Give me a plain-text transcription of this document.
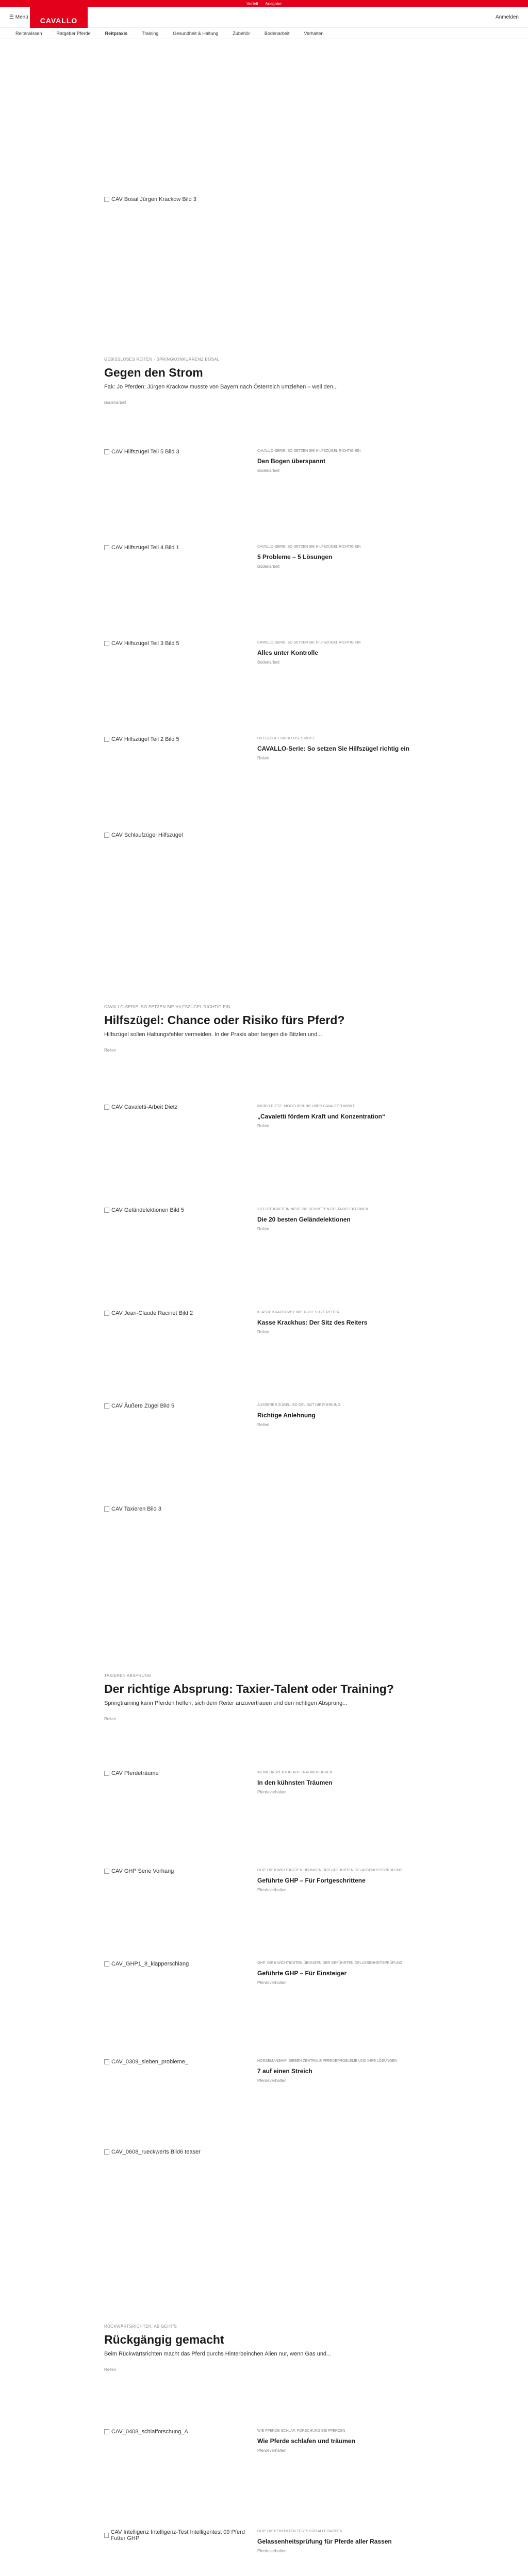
Vorteil Ausgabe
☰ Menü	CAVALLO	Anmelden
Reiterwissen	Ratgeber Pferde	Reitpraxis	Training	Gesundheit & Haltung	Zubehör	Bodenarbeit	Verhalten
CAV Bosal Jürgen Krackow Bild 3
GEBISSLOSES REITEN - SPRINGKONKURRENZ BOSAL
Gegen den Strom
Fak: Jo Pferden: Jürgen Krackow musste von Bayern nach Österreich umziehen – weil den...
Bodenarbeit
CAV Hilfszügel Teil 5 Bild 3	CAVALLO-SERIE: SO SETZEN SIE HILFSZÜGEL RICHTIG EIN
Den Bogen überspannt
Bodenarbeit
CAV Hilfszügel Teil 4 Bild 1	CAVALLO-SERIE: SO SETZEN SIE HILFSZÜGEL RICHTIG EIN
5 Probleme – 5 Lösungen
Bodenarbeit
CAV Hilfszügel Teil 3 Bild 5	CAVALLO-SERIE: SO SETZEN SIE HILFSZÜGEL RICHTIG EIN
Alles unter Kontrolle
Bodenarbeit
CAV Hilfszügel Teil 2 Bild 5	HILFSZÜGEL RIBBELOSES MUST
CAVALLO-Serie: So setzen Sie Hilfszügel richtig ein
Reiten
CAV Schlaufzügel Hilfszügel
CAVALLO-SERIE: SO SETZEN SIE HILFSZÜGEL RICHTIG EIN
Hilfszügel: Chance oder Risiko fürs Pferd?
Hilfszügel sollen Haltungsfehler vermeiden. In der Praxis aber bergen die Bitzlen und...
Reiten
CAV Cavaletti-Arbeit Dietz	INGRID DIETZ: 'MODELIERUNG ÜBER CAVALETTI WIRKT'
„Cavaletti fördern Kraft und Konzentration“
Reiten
CAV Geländelektionen Bild 5	VIELSEITIGKEIT IN NEUE DIE SCHRITTEN GELÄNDELEKTIONEN
Die 20 besten Geländelektionen
Reiten
CAV Jean-Claude Racinet Bild 2	KLASSE KRACKOW'S: WIE GUTE SITZE REITER
Kasse Krackhus: Der Sitz des Reiters
Reiten
CAV Äußere Zügel Bild 5	ÄUSSERER ZÜGEL: SO GELINGT DIE FÜHRUNG
Richtige Anlehnung
Reiten
CAV Taxieren Bild 3
TAXIEREN ABSPRUNG
Der richtige Absprung: Taxier-Talent oder Training?
Springtraining kann Pferden helfen, sich dem Reiter anzuvertrauen und den richtigen Absprung...
Reiten
CAV Pferdeträume	WENN UNSPEKTOR AUF TRAUMEREIGNEN
In den kühnsten Träumen
Pferdeverhalten
CAV GHP Serie Vorhang	GHP: DIE 8 WICHTIGSTEN ÜBUNGEN DER GEFÜHRTEN GELASSENHEITSPRÜFUNG
Geführte GHP – Für Fortgeschrittene
Pferdeverhalten
CAV_GHP1_8_klapperschlang	GHP: DIE 8 WICHTIGSTEN ÜBUNGEN DER GEFÜHRTEN GELASSENHEITSPRÜFUNG
Geführte GHP – Für Einsteiger
Pferdeverhalten
CAV_0309_sieben_probleme_	HORSEMANSHIP: SIEBEN ZENTRALE PFERDEPROBLEME UND IHRE LÖSUNGEN
7 auf einen Streich
Pferdeverhalten
CAV_0608_rueckwerts Bild6 teaser
RÜCKWÄRTSRICHTEN: AB GEHT'S
Rückgängig gemacht
Beim Rückwärtsrichten macht das Pferd durchs Hinterbeinchen Alien nur, wenn Gas und...
Reiten
CAV_0408_schlafforschung_A	WIE PFERDE SCHLAF: FORSCHUNG BEI PFERDEN
Wie Pferde schlafen und träumen
Pferdeverhalten
CAV Intelligenz Intelligenz-Test Intelligentest 09 Pferd Futter GHP
GHP: DIE PERFEKTEN TESTS FÜR ALLE RASSEN
Gelassenheitsprüfung für Pferde aller Rassen
Pferdeverhalten
